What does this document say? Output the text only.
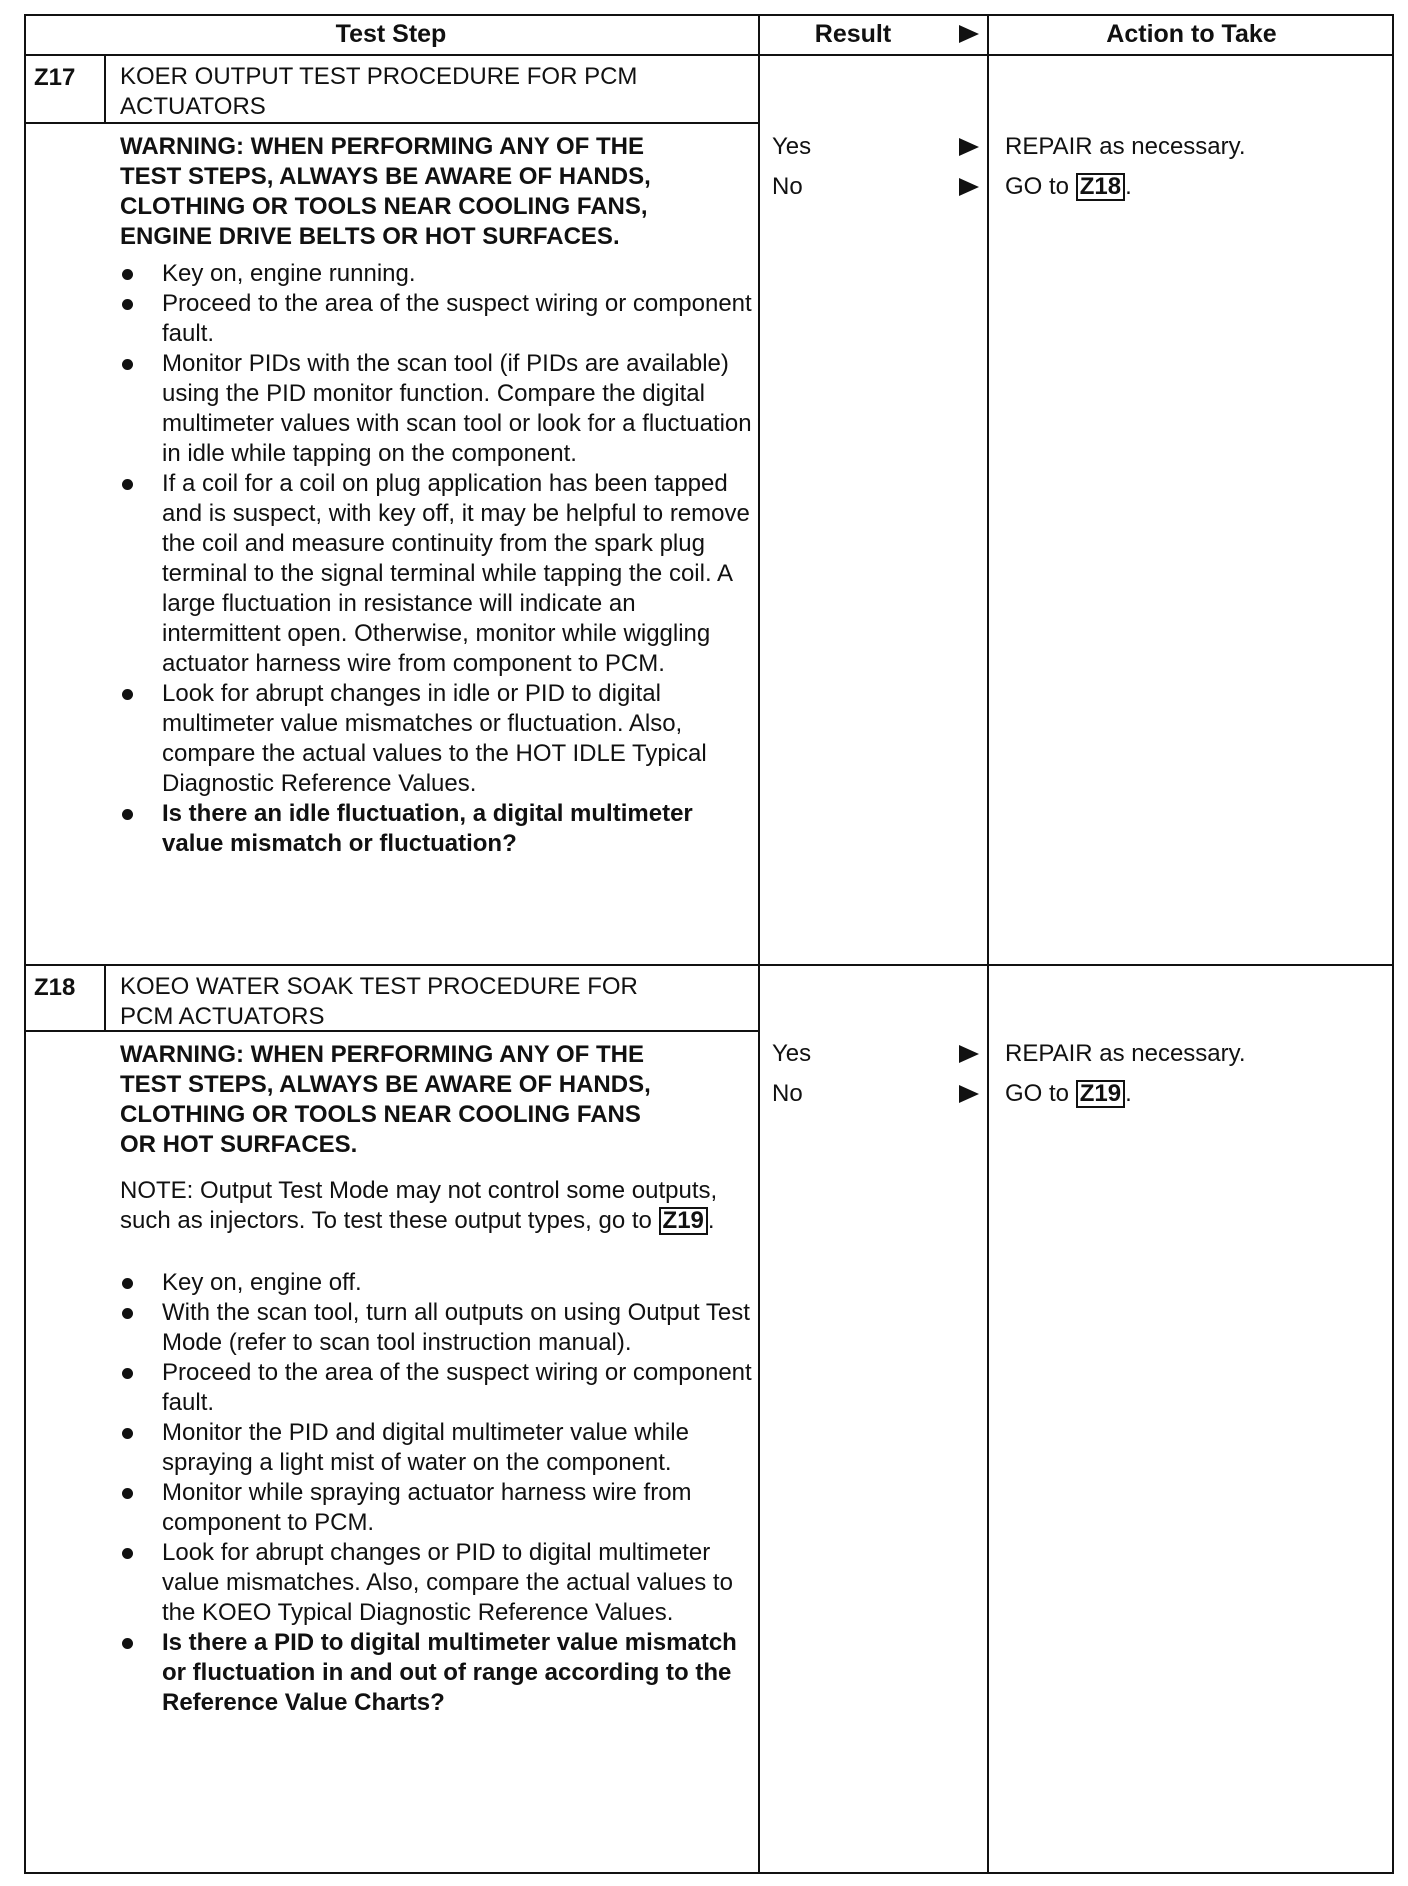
Test Step	Result	Action to Take
Z17 KOER OUTPUT TEST PROCEDURE FOR PCM
ACTUATORS
WARNING: WHEN PERFORMING ANY OF THE
TEST STEPS, ALWAYS BE AWARE OF HANDS,
CLOTHING OR TOOLS NEAR COOLING FANS,
ENGINE DRIVE BELTS OR HOT SURFACES.
Key on, engine running.
Proceed to the area of the suspect wiring or component fault.
Monitor PIDs with the scan tool (if PIDs are available) using the PID monitor function. Compare the digital multimeter values with scan tool or look for a fluctuation in idle while tapping on the component.
If a coil for a coil on plug application has been tapped and is suspect, with key off, it may be helpful to remove the coil and measure continuity from the spark plug terminal to the signal terminal while tapping the coil. A large fluctuation in resistance will indicate an intermittent open. Otherwise, monitor while wiggling actuator harness wire from component to PCM.
Look for abrupt changes in idle or PID to digital multimeter value mismatches or fluctuation. Also, compare the actual values to the HOT IDLE Typical Diagnostic Reference Values.
Is there an idle fluctuation, a digital multimeter value mismatch or fluctuation?
Yes
No
REPAIR as necessary.
GO to Z18 .
Z18 KOEO WATER SOAK TEST PROCEDURE FOR
PCM ACTUATORS
WARNING: WHEN PERFORMING ANY OF THE
TEST STEPS, ALWAYS BE AWARE OF HANDS,
CLOTHING OR TOOLS NEAR COOLING FANS
OR HOT SURFACES.
NOTE: Output Test Mode may not control some outputs, such as injectors. To test these output types, go to Z19 .
Key on, engine off.
With the scan tool, turn all outputs on using Output Test Mode (refer to scan tool instruction manual).
Proceed to the area of the suspect wiring or component fault.
Monitor the PID and digital multimeter value while spraying a light mist of water on the component.
Monitor while spraying actuator harness wire from component to PCM.
Look for abrupt changes or PID to digital multimeter value mismatches. Also, compare the actual values to the KOEO Typical Diagnostic Reference Values.
Is there a PID to digital multimeter value mismatch or fluctuation in and out of range according to the Reference Value Charts?
Yes
No
REPAIR as necessary.
GO to Z19 .
